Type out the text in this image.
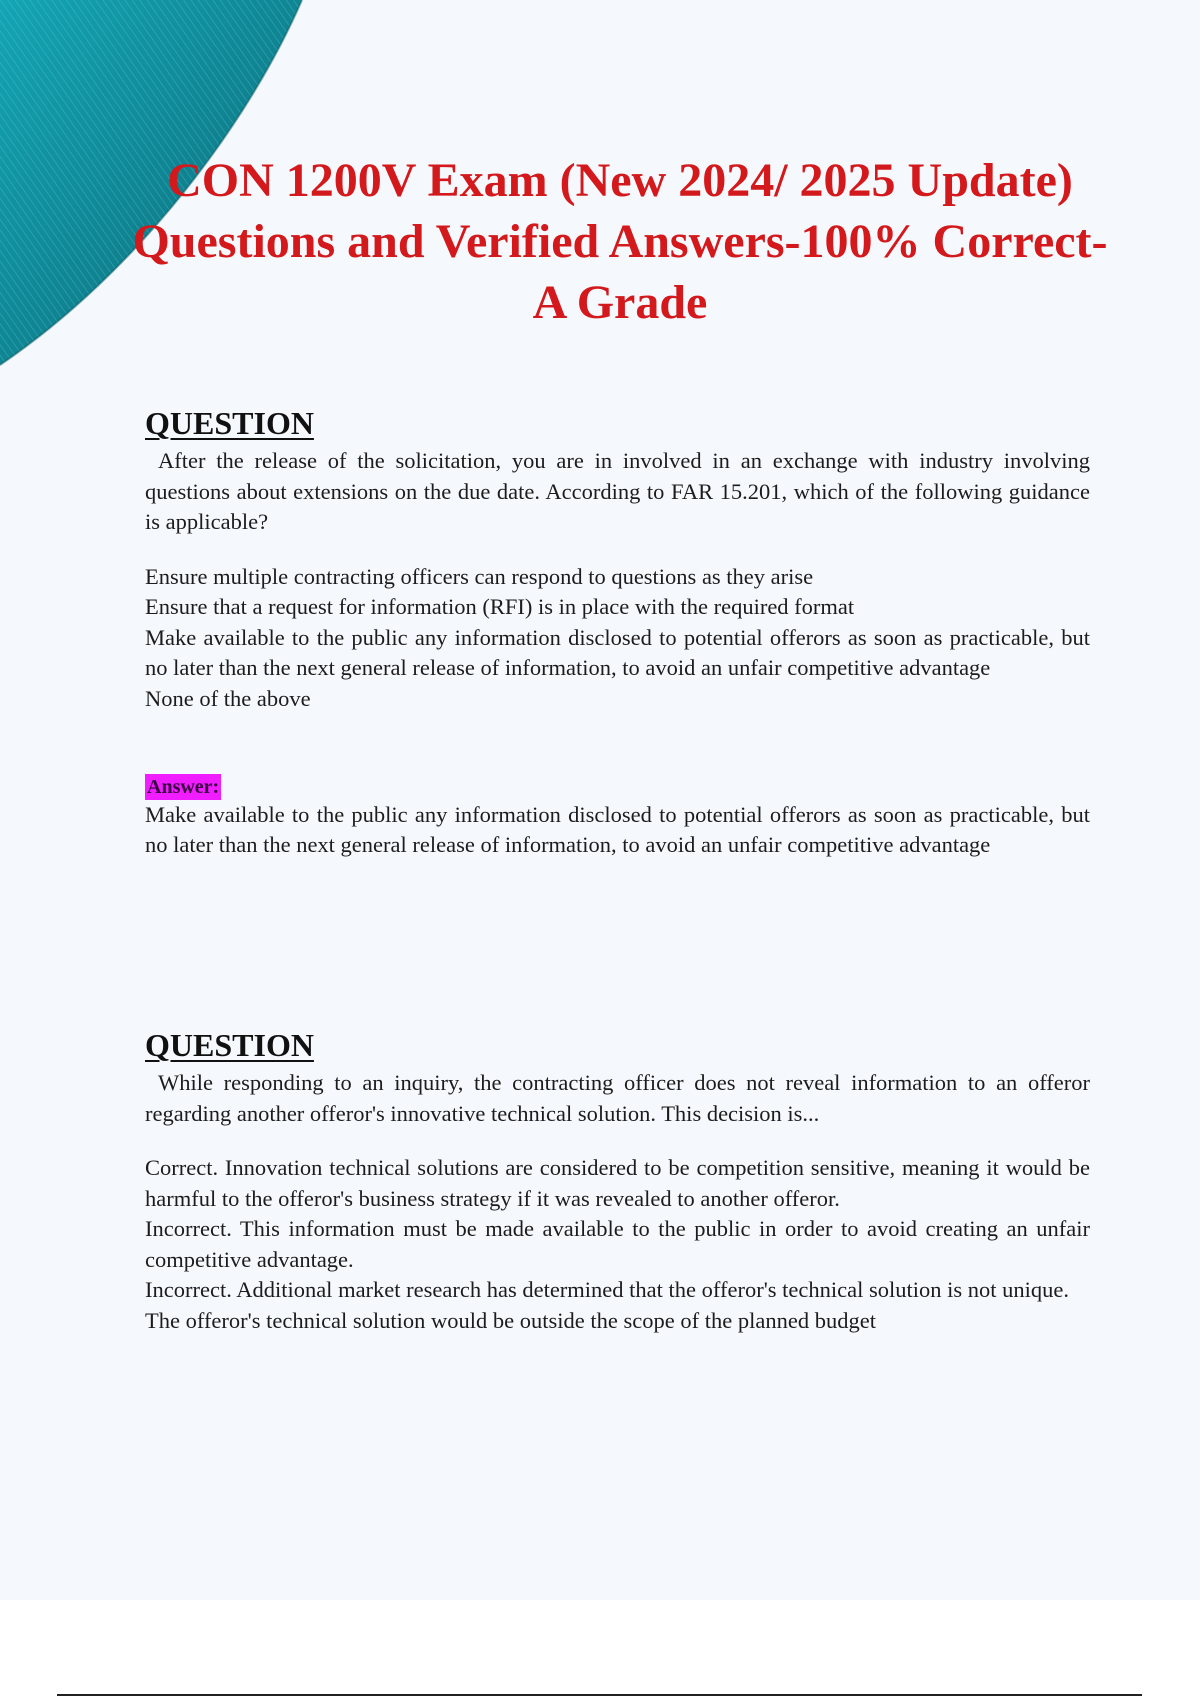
CON 1200V Exam (New 2024/ 2025 Update) Questions and Verified Answers-100% Correct- A Grade
QUESTION

After the release of the solicitation, you are in involved in an exchange with industry involving questions about extensions on the due date. According to FAR 15.201, which of the following guidance is applicable?

Ensure multiple contracting officers can respond to questions as they arise
Ensure that a request for information (RFI) is in place with the required format
Make available to the public any information disclosed to potential offerors as soon as practicable, but no later than the next general release of information, to avoid an unfair competitive advantage
None of the above
Answer:

Make available to the public any information disclosed to potential offerors as soon as practicable, but no later than the next general release of information, to avoid an unfair competitive advantage

QUESTION

While responding to an inquiry, the contracting officer does not reveal information to an offeror regarding another offeror's innovative technical solution. This decision is...

Correct. Innovation technical solutions are considered to be competition sensitive, meaning it would be harmful to the offeror's business strategy if it was revealed to another offeror.
Incorrect. This information must be made available to the public in order to avoid creating an unfair competitive advantage.
Incorrect. Additional market research has determined that the offeror's technical solution is not unique.
The offeror's technical solution would be outside the scope of the planned budget
